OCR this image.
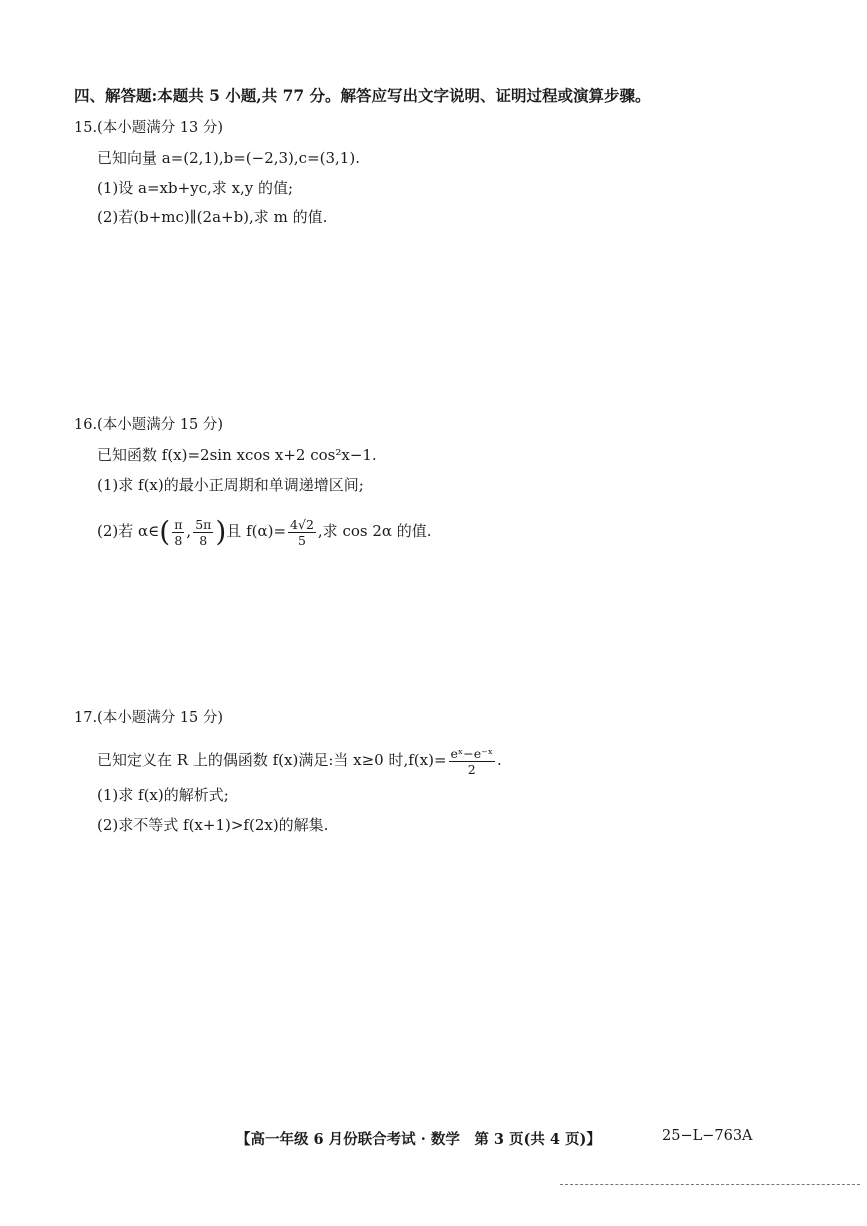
四、解答题:本题共 5 小题,共 77 分。解答应写出文字说明、证明过程或演算步骤。
15.(本小题满分 13 分)
已知向量 a=(2,1),b=(−2,3),c=(3,1).
(1)设 a=xb+yc,求 x,y 的值;
(2)若(b+mc)∥(2a+b),求 m 的值.
16.(本小题满分 15 分)
已知函数 f(x)=2sin xcos x+2 cos²x−1.
(1)求 f(x)的最小正周期和单调递增区间;
(2)若 α∈( $\frac{\pi}{8}$ , $\frac{5\pi}{8}$ )且 $f(\alpha)= \frac{4√2}{5}$ ,求 cos 2α 的值.
17.(本小题满分 15 分)
已知定义在 R 上的偶函数 f(x)满足:当 x≥0 时$,f(x)= \frac{\text{eˣ−e⁻ˣ}}{2}$ .
(1)求 f(x)的解析式;
(2)求不等式 f(x+1)>f(2x)的解集.
【高一年级 6 月份联合考试 · 数学　第 3 页(共 4 页)】	25−L−763A
